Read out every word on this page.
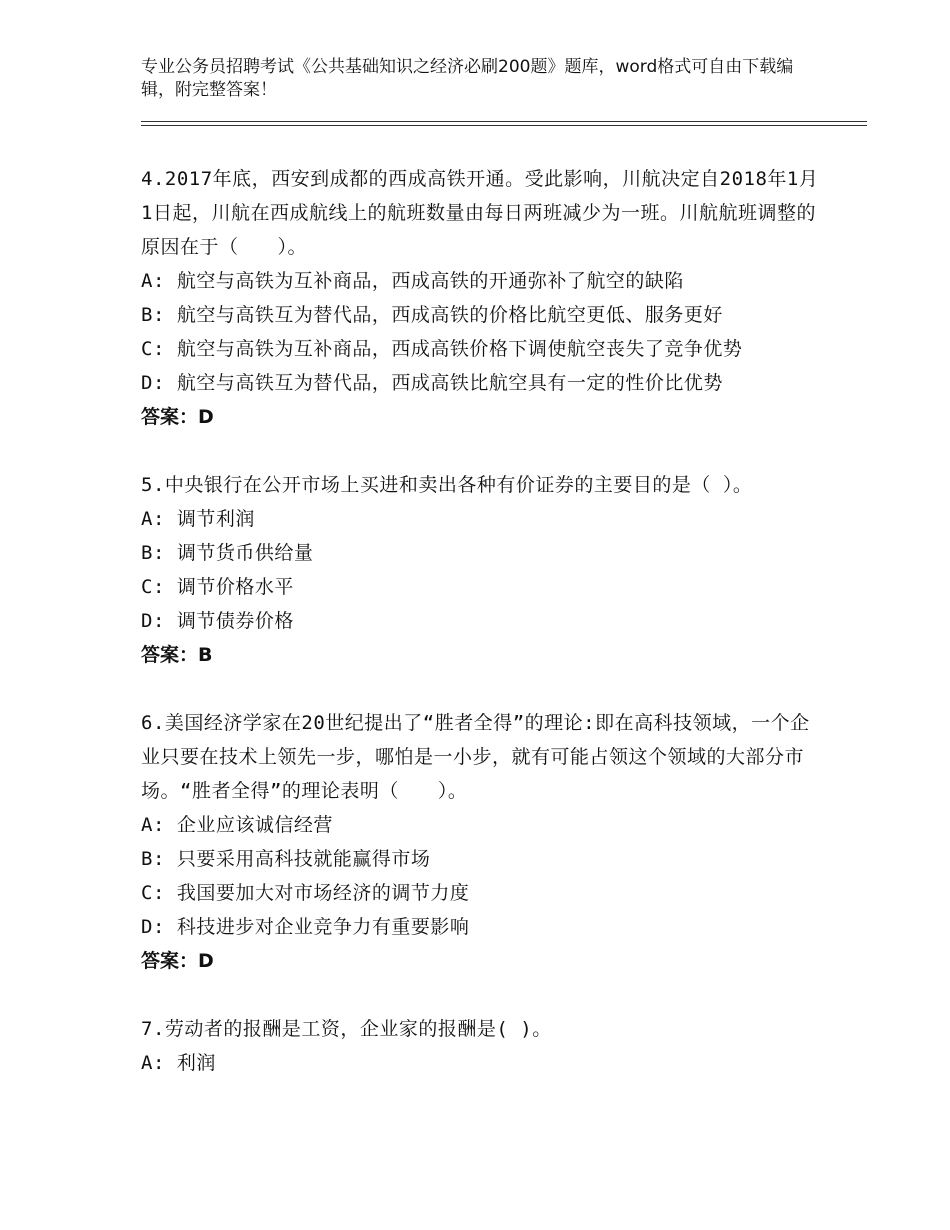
专业公务员招聘考试《公共基础知识之经济必刷200题》题库，word格式可自由下载编辑，附完整答案！

4.2017年底，西安到成都的西成高铁开通。受此影响，川航决定自2018年1月1日起，川航在西成航线上的航班数量由每日两班减少为一班。川航航班调整的原因在于（　　）。

A: 航空与高铁为互补商品，西成高铁的开通弥补了航空的缺陷

B: 航空与高铁互为替代品，西成高铁的价格比航空更低、服务更好

C: 航空与高铁为互补商品，西成高铁价格下调使航空丧失了竞争优势

D: 航空与高铁互为替代品，西成高铁比航空具有一定的性价比优势

答案：D

5.中央银行在公开市场上买进和卖出各种有价证券的主要目的是（ ）。

A: 调节利润

B: 调节货币供给量

C: 调节价格水平

D: 调节债券价格

答案：B

6.美国经济学家在20世纪提出了“胜者全得”的理论:即在高科技领域，一个企业只要在技术上领先一步，哪怕是一小步，就有可能占领这个领域的大部分市场。“胜者全得”的理论表明（　　）。

A: 企业应该诚信经营

B: 只要采用高科技就能赢得市场

C: 我国要加大对市场经济的调节力度

D: 科技进步对企业竞争力有重要影响

答案：D

7.劳动者的报酬是工资，企业家的报酬是( )。

A: 利润
